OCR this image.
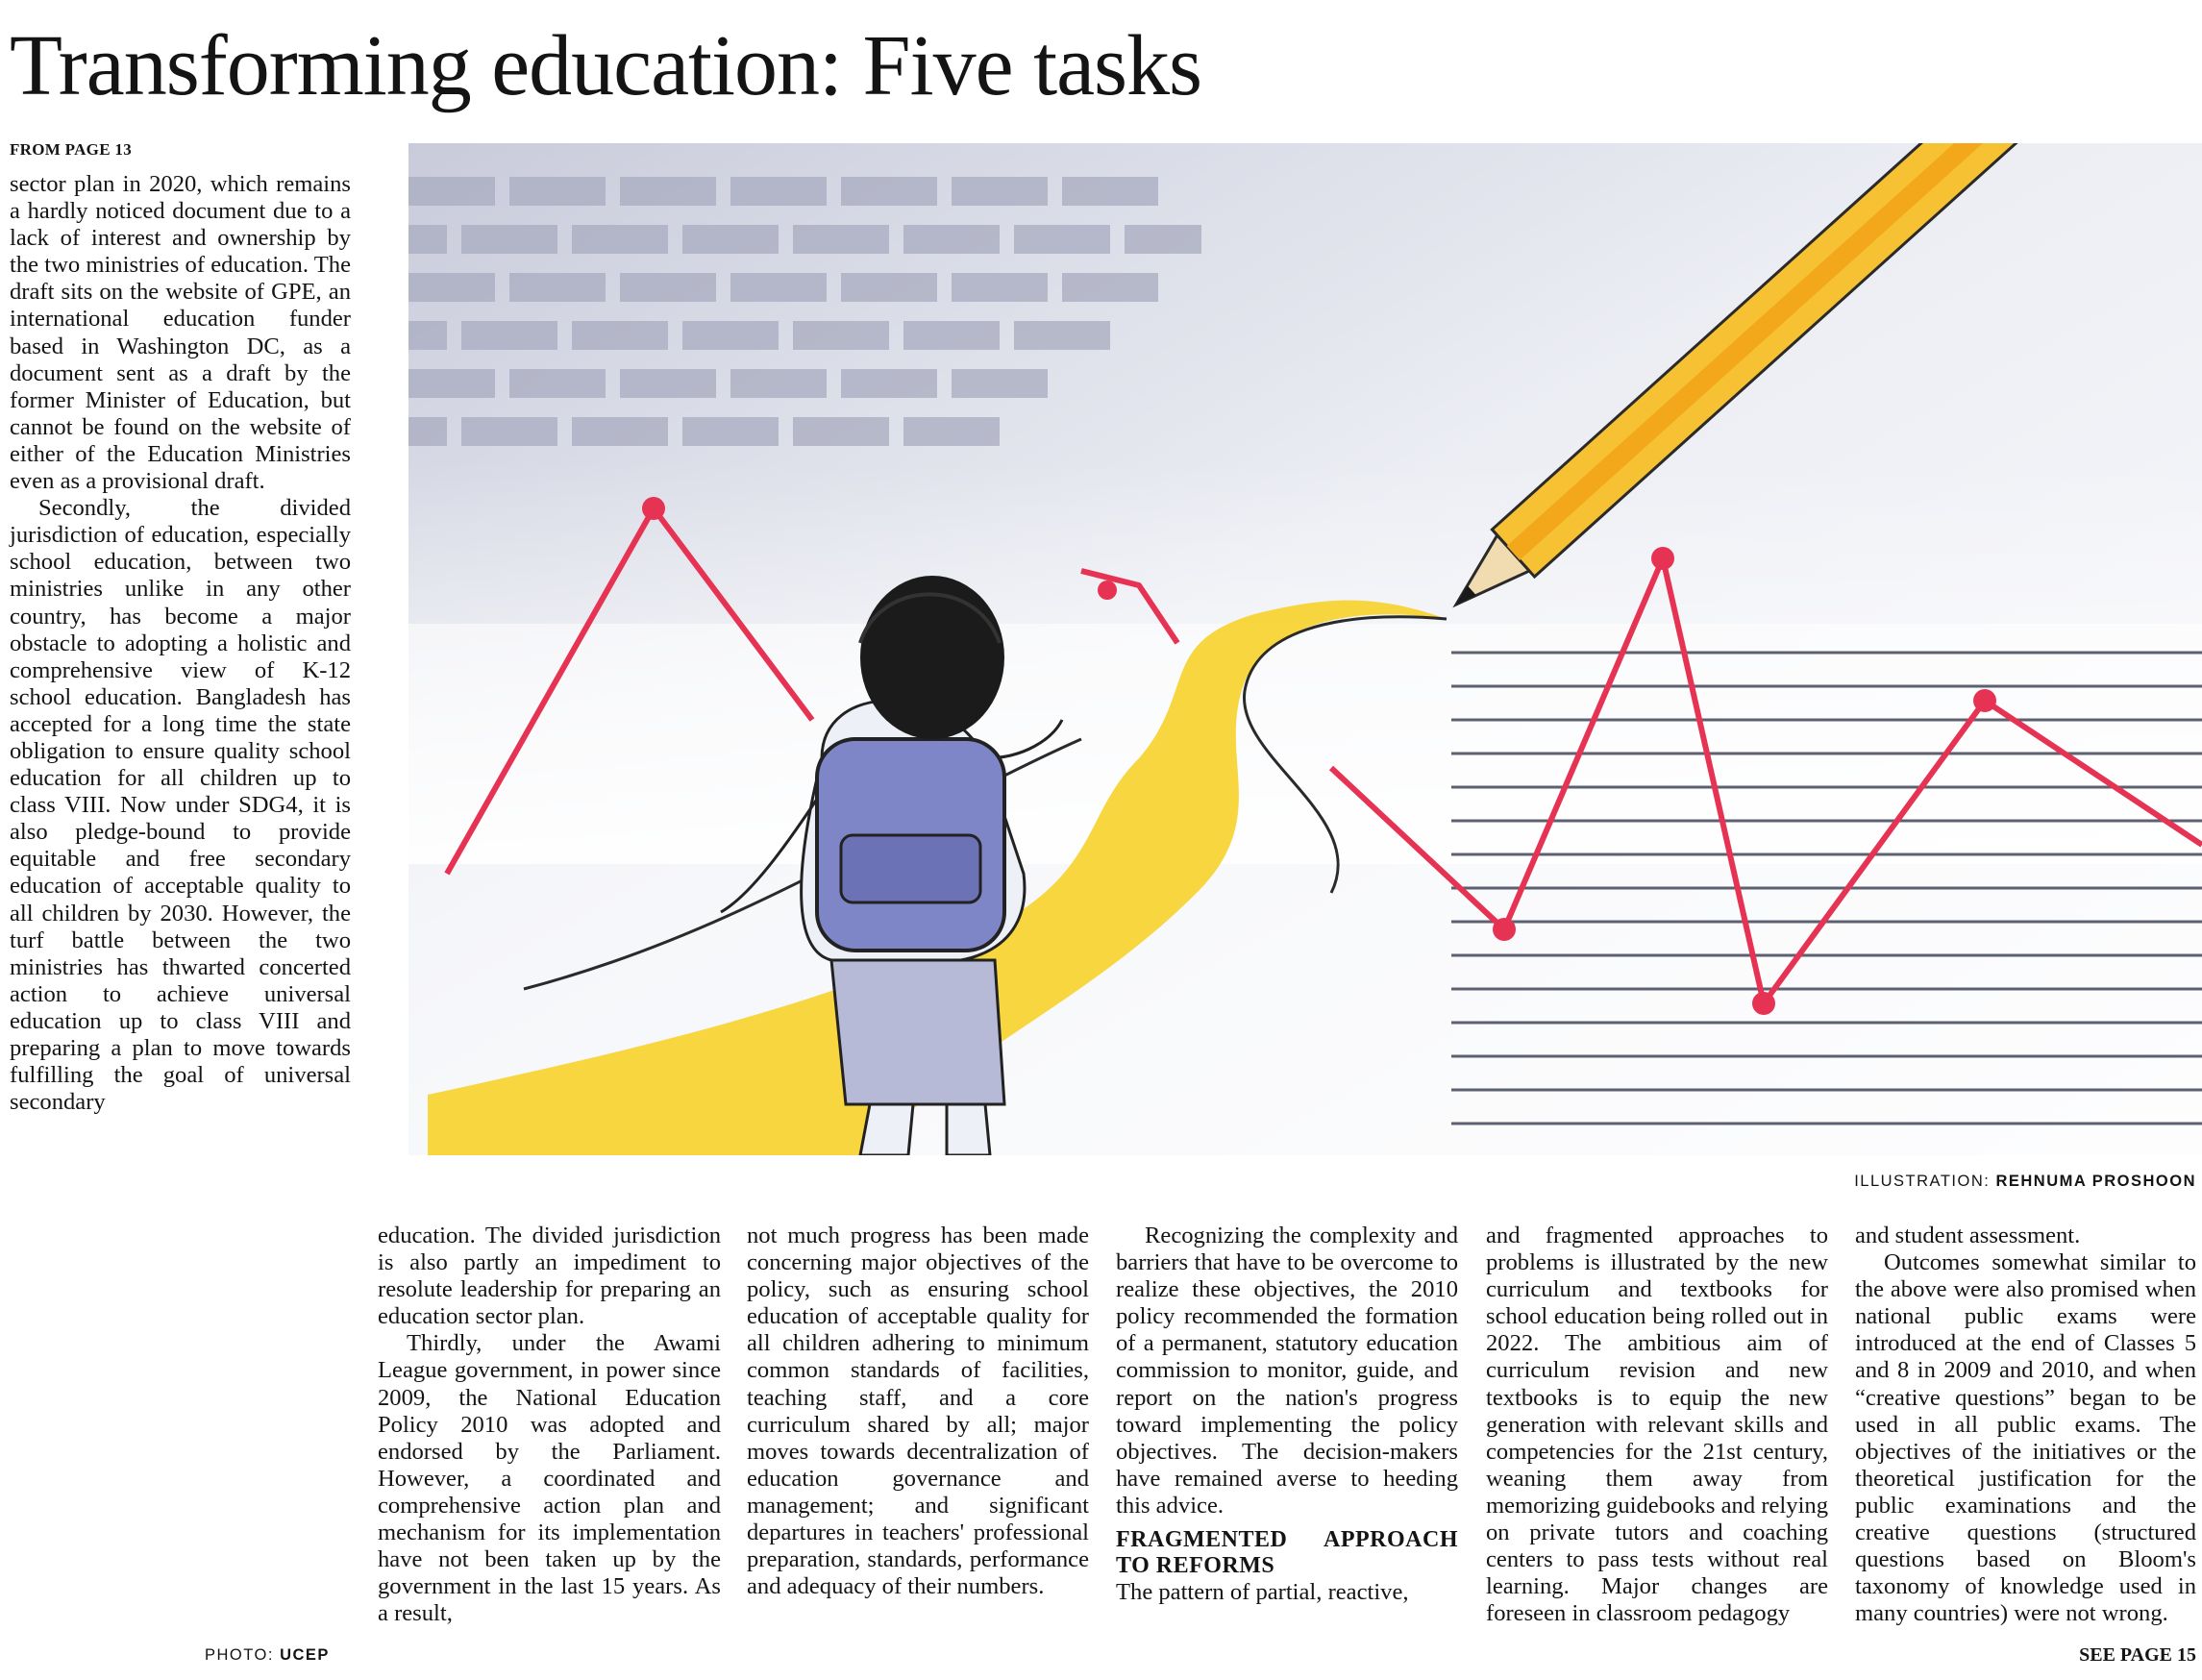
Transforming education: Five tasks
FROM PAGE 13

sector plan in 2020, which remains a hardly noticed document due to a lack of interest and ownership by the two ministries of education. The draft sits on the website of GPE, an international education funder based in Washington DC, as a document sent as a draft by the former Minister of Education, but cannot be found on the website of either of the Education Ministries even as a provisional draft.

Secondly, the divided jurisdiction of education, especially school education, between two ministries unlike in any other country, has become a major obstacle to adopting a holistic and comprehensive view of K-12 school education. Bangladesh has accepted for a long time the state obligation to ensure quality school education for all children up to class VIII. Now under SDG4, it is also pledge-bound to provide equitable and free secondary education of acceptable quality to all children by 2030. However, the turf battle between the two ministries has thwarted concerted action to achieve universal education up to class VIII and preparing a plan to move towards fulfilling the goal of universal secondary

ILLUSTRATION: REHNUMA PROSHOON

education. The divided jurisdiction is also partly an impediment to resolute leadership for preparing an education sector plan.

Thirdly, under the Awami League government, in power since 2009, the National Education Policy 2010 was adopted and endorsed by the Parliament. However, a coordinated and comprehensive action plan and mechanism for its implementation have not been taken up by the government in the last 15 years. As a result,

not much progress has been made concerning major objectives of the policy, such as ensuring school education of acceptable quality for all children adhering to minimum common standards of facilities, teaching staff, and a core curriculum shared by all; major moves towards decentralization of education governance and management; and significant departures in teachers' professional preparation, standards, performance and adequacy of their numbers.

Recognizing the complexity and barriers that have to be overcome to realize these objectives, the 2010 policy recommended the formation of a permanent, statutory education commission to monitor, guide, and report on the nation's progress toward implementing the policy objectives. The decision-makers have remained averse to heeding this advice.

FRAGMENTED APPROACH TO REFORMS

The pattern of partial, reactive,

and fragmented approaches to problems is illustrated by the new curriculum and textbooks for school education being rolled out in 2022. The ambitious aim of curriculum revision and new textbooks is to equip the new generation with relevant skills and competencies for the 21st century, weaning them away from memorizing guidebooks and relying on private tutors and coaching centers to pass tests without real learning. Major changes are foreseen in classroom pedagogy

and student assessment.

Outcomes somewhat similar to the above were also promised when national public exams were introduced at the end of Classes 5 and 8 in 2009 and 2010, and when “creative questions” began to be used in all public exams. The objectives of the initiatives or the theoretical justification for the public examinations and the creative questions (structured questions based on Bloom's taxonomy of knowledge used in many countries) were not wrong.

PHOTO: UCEP	SEE PAGE 15
